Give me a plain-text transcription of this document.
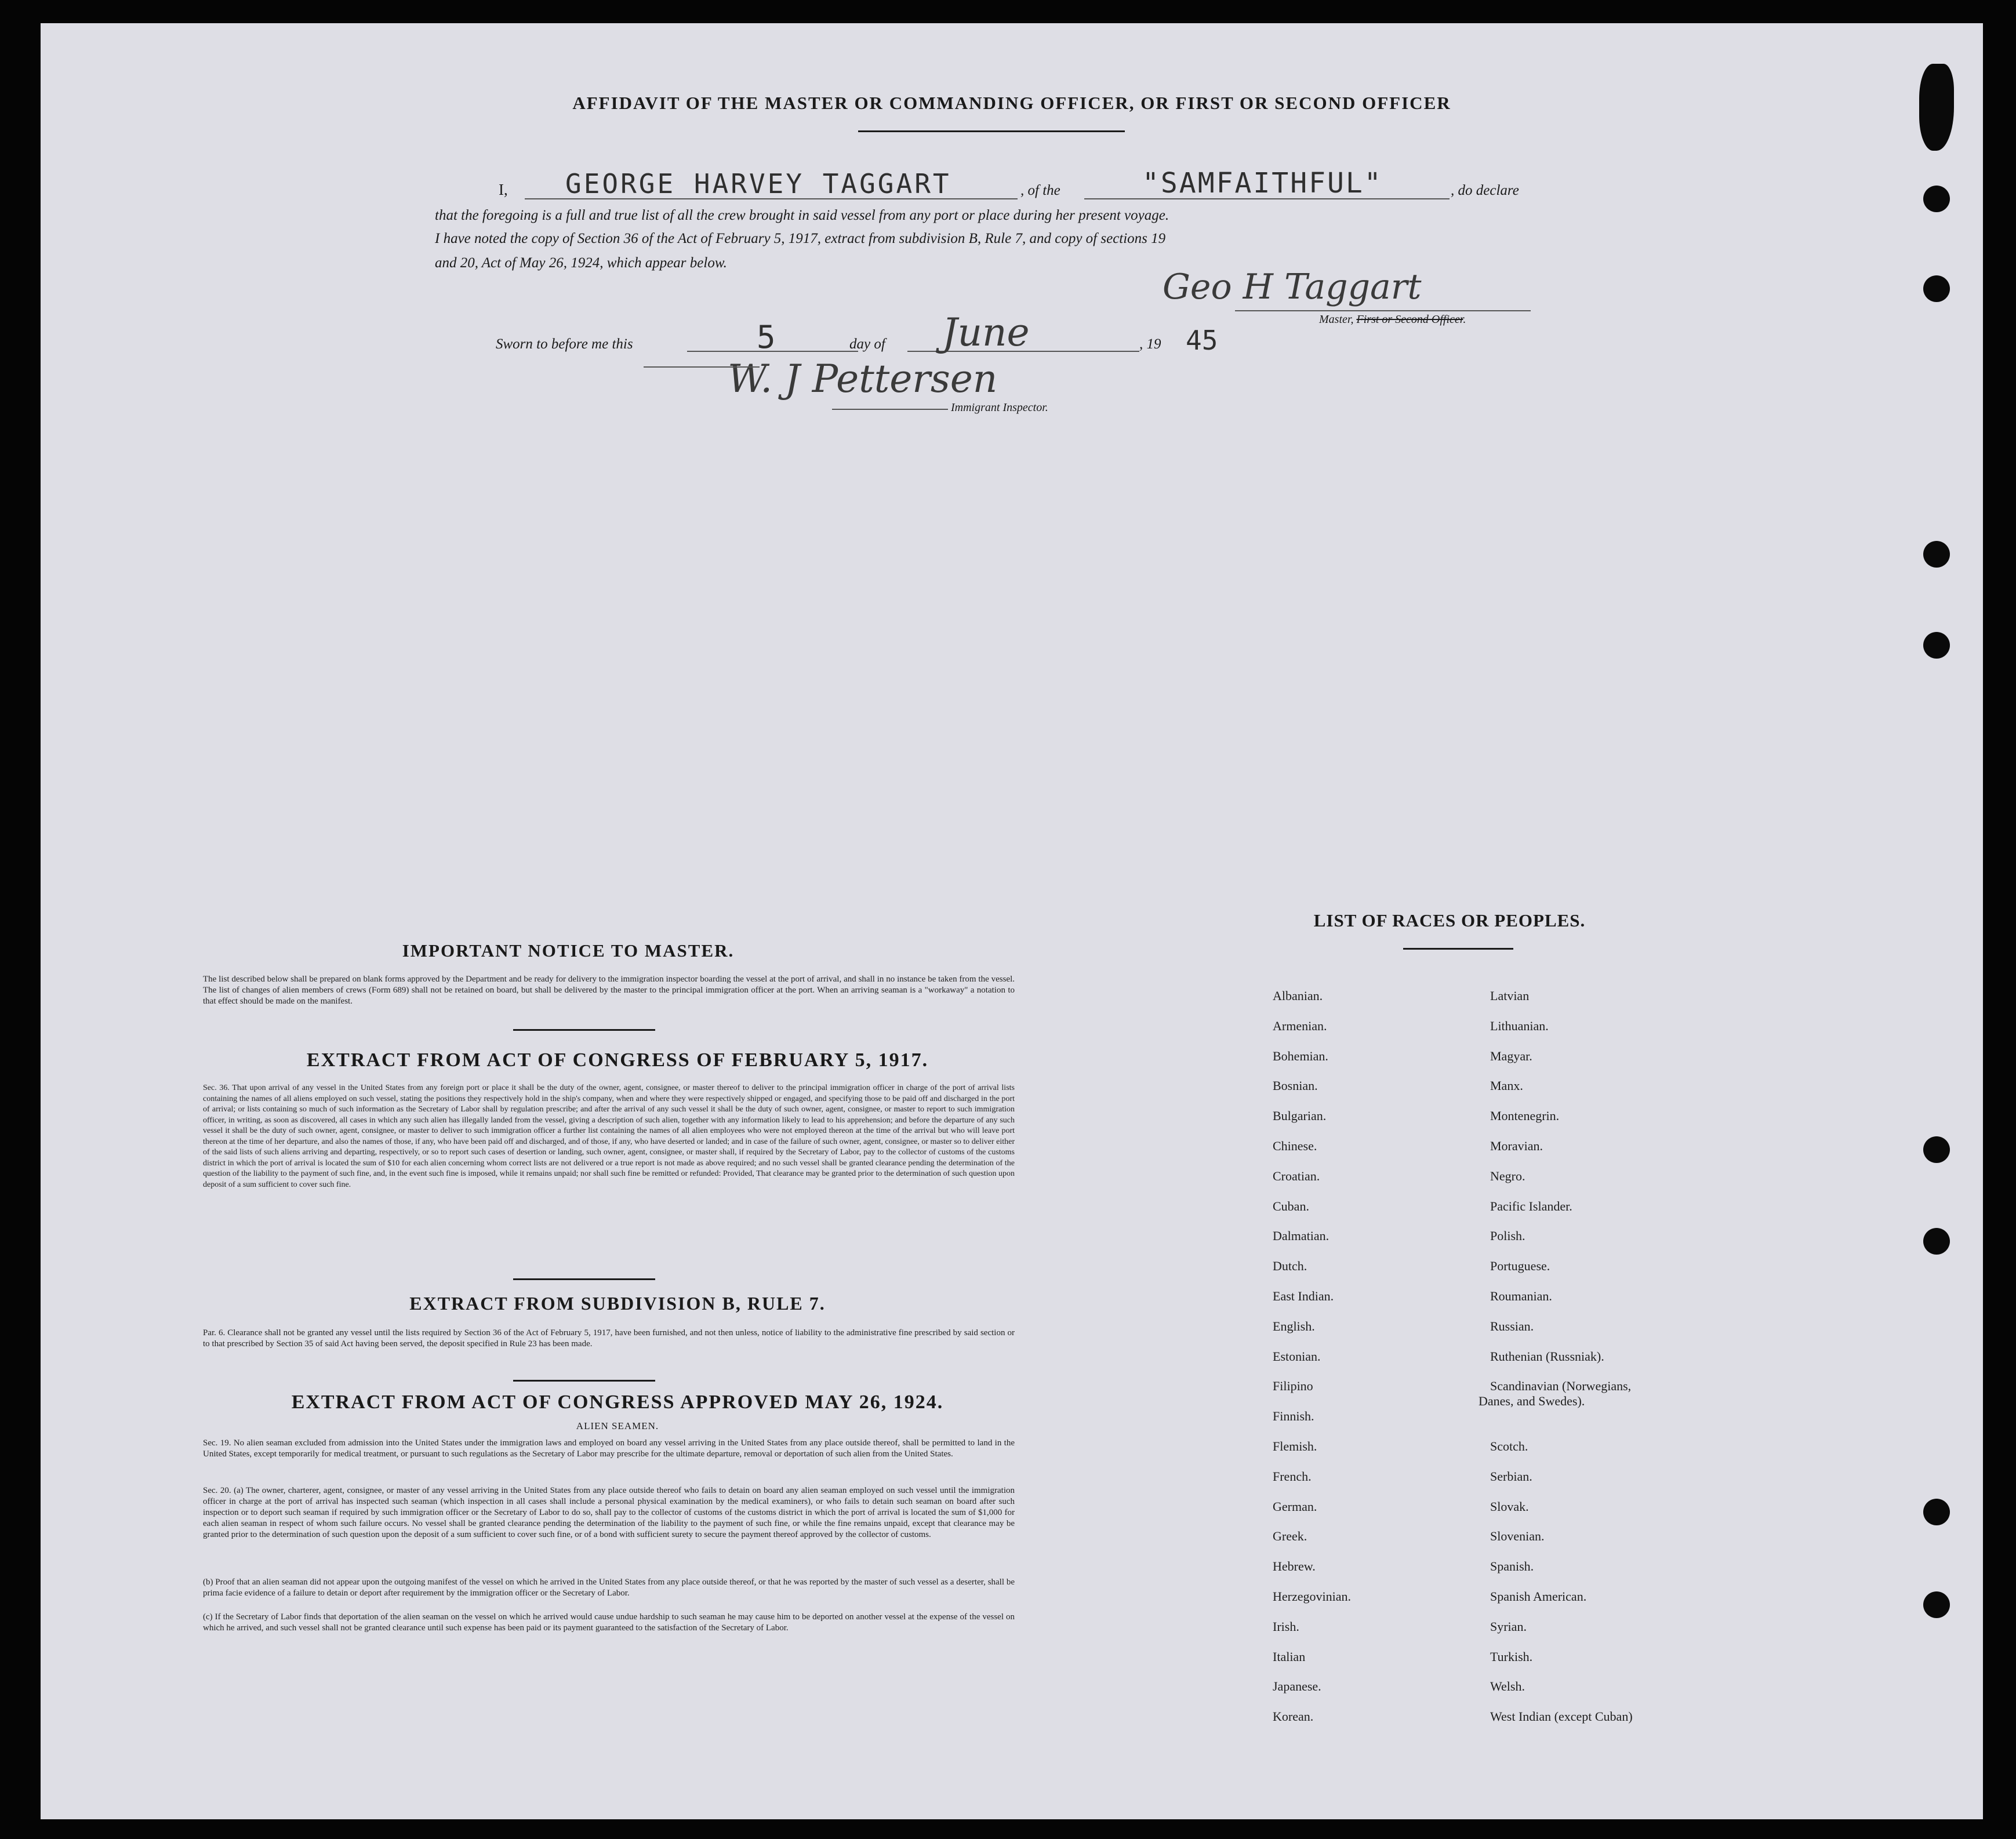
AFFIDAVIT OF THE MASTER OR COMMANDING OFFICER, OR FIRST OR SECOND OFFICER
I, GEORGE HARVEY TAGGART	, of the	"SAMFAITHFUL"	, do declare
that the foregoing is a full and true list of all the crew brought in said vessel from any port or place during her present voyage.
I have noted the copy of Section 36 of the Act of February 5, 1917, extract from subdivision B, Rule 7, and copy of sections 19
and 20, Act of May 26, 1924, which appear below.
Geo H Taggart
Master, First or Second Officer.
Sworn to before me this	5	day of June	, 19 45
W. J Pettersen
Immigrant Inspector.
IMPORTANT NOTICE TO MASTER.
The list described below shall be prepared on blank forms approved by the Department and be ready for delivery to the immigration inspector boarding the vessel at the port of arrival, and shall in no instance be taken from the vessel. The list of changes of alien members of crews (Form 689) shall not be retained on board, but shall be delivered by the master to the principal immigration officer at the port. When an arriving seaman is a "workaway" a notation to that effect should be made on the manifest.
EXTRACT FROM ACT OF CONGRESS OF FEBRUARY 5, 1917.
Sec. 36. That upon arrival of any vessel in the United States from any foreign port or place it shall be the duty of the owner, agent, consignee, or master thereof to deliver to the principal immigration officer in charge of the port of arrival lists containing the names of all aliens employed on such vessel, stating the positions they respectively hold in the ship's company, when and where they were respectively shipped or engaged, and specifying those to be paid off and discharged in the port of arrival; or lists containing so much of such information as the Secretary of Labor shall by regulation prescribe; and after the arrival of any such vessel it shall be the duty of such owner, agent, consignee, or master to report to such immigration officer, in writing, as soon as discovered, all cases in which any such alien has illegally landed from the vessel, giving a description of such alien, together with any information likely to lead to his apprehension; and before the departure of any such vessel it shall be the duty of such owner, agent, consignee, or master to deliver to such immigration officer a further list containing the names of all alien employees who were not employed thereon at the time of the arrival but who will leave port thereon at the time of her departure, and also the names of those, if any, who have been paid off and discharged, and of those, if any, who have deserted or landed; and in case of the failure of such owner, agent, consignee, or master so to deliver either of the said lists of such aliens arriving and departing, respectively, or so to report such cases of desertion or landing, such owner, agent, consignee, or master shall, if required by the Secretary of Labor, pay to the collector of customs of the customs district in which the port of arrival is located the sum of $10 for each alien concerning whom correct lists are not delivered or a true report is not made as above required; and no such vessel shall be granted clearance pending the determination of the question of the liability to the payment of such fine, and, in the event such fine is imposed, while it remains unpaid; nor shall such fine be remitted or refunded: Provided, That clearance may be granted prior to the determination of such question upon deposit of a sum sufficient to cover such fine.
EXTRACT FROM SUBDIVISION B, RULE 7.
Par. 6. Clearance shall not be granted any vessel until the lists required by Section 36 of the Act of February 5, 1917, have been furnished, and not then unless, notice of liability to the administrative fine prescribed by said section or to that prescribed by Section 35 of said Act having been served, the deposit specified in Rule 23 has been made.
EXTRACT FROM ACT OF CONGRESS APPROVED MAY 26, 1924.
ALIEN SEAMEN.
Sec. 19. No alien seaman excluded from admission into the United States under the immigration laws and employed on board any vessel arriving in the United States from any place outside thereof, shall be permitted to land in the United States, except temporarily for medical treatment, or pursuant to such regulations as the Secretary of Labor may prescribe for the ultimate departure, removal or deportation of such alien from the United States.
Sec. 20. (a) The owner, charterer, agent, consignee, or master of any vessel arriving in the United States from any place outside thereof who fails to detain on board any alien seaman employed on such vessel until the immigration officer in charge at the port of arrival has inspected such seaman (which inspection in all cases shall include a personal physical examination by the medical examiners), or who fails to detain such seaman on board after such inspection or to deport such seaman if required by such immigration officer or the Secretary of Labor to do so, shall pay to the collector of customs of the customs district in which the port of arrival is located the sum of $1,000 for each alien seaman in respect of whom such failure occurs. No vessel shall be granted clearance pending the determination of the liability to the payment of such fine, or while the fine remains unpaid, except that clearance may be granted prior to the determination of such question upon the deposit of a sum sufficient to cover such fine, or of a bond with sufficient surety to secure the payment thereof approved by the collector of customs.
(b) Proof that an alien seaman did not appear upon the outgoing manifest of the vessel on which he arrived in the United States from any place outside thereof, or that he was reported by the master of such vessel as a deserter, shall be prima facie evidence of a failure to detain or deport after requirement by the immigration officer or the Secretary of Labor.
(c) If the Secretary of Labor finds that deportation of the alien seaman on the vessel on which he arrived would cause undue hardship to such seaman he may cause him to be deported on another vessel at the expense of the vessel on which he arrived, and such vessel shall not be granted clearance until such expense has been paid or its payment guaranteed to the satisfaction of the Secretary of Labor.
LIST OF RACES OR PEOPLES.
Albanian.
Armenian.
Bohemian.
Bosnian.
Bulgarian.
Chinese.
Croatian.
Cuban.
Dalmatian.
Dutch.
East Indian.
English.
Estonian.
Filipino
Finnish.
Flemish.
French.
German.
Greek.
Hebrew.
Herzegovinian.
Irish.
Italian
Japanese.
Korean.
Latvian
Lithuanian.
Magyar.
Manx.
Montenegrin.
Moravian.
Negro.
Pacific Islander.
Polish.
Portuguese.
Roumanian.
Russian.
Ruthenian (Russniak).
Scandinavian (Norwegians,
Danes, and Swedes).
Scotch.
Serbian.
Slovak.
Slovenian.
Spanish.
Spanish American.
Syrian.
Turkish.
Welsh.
West Indian (except Cuban)
